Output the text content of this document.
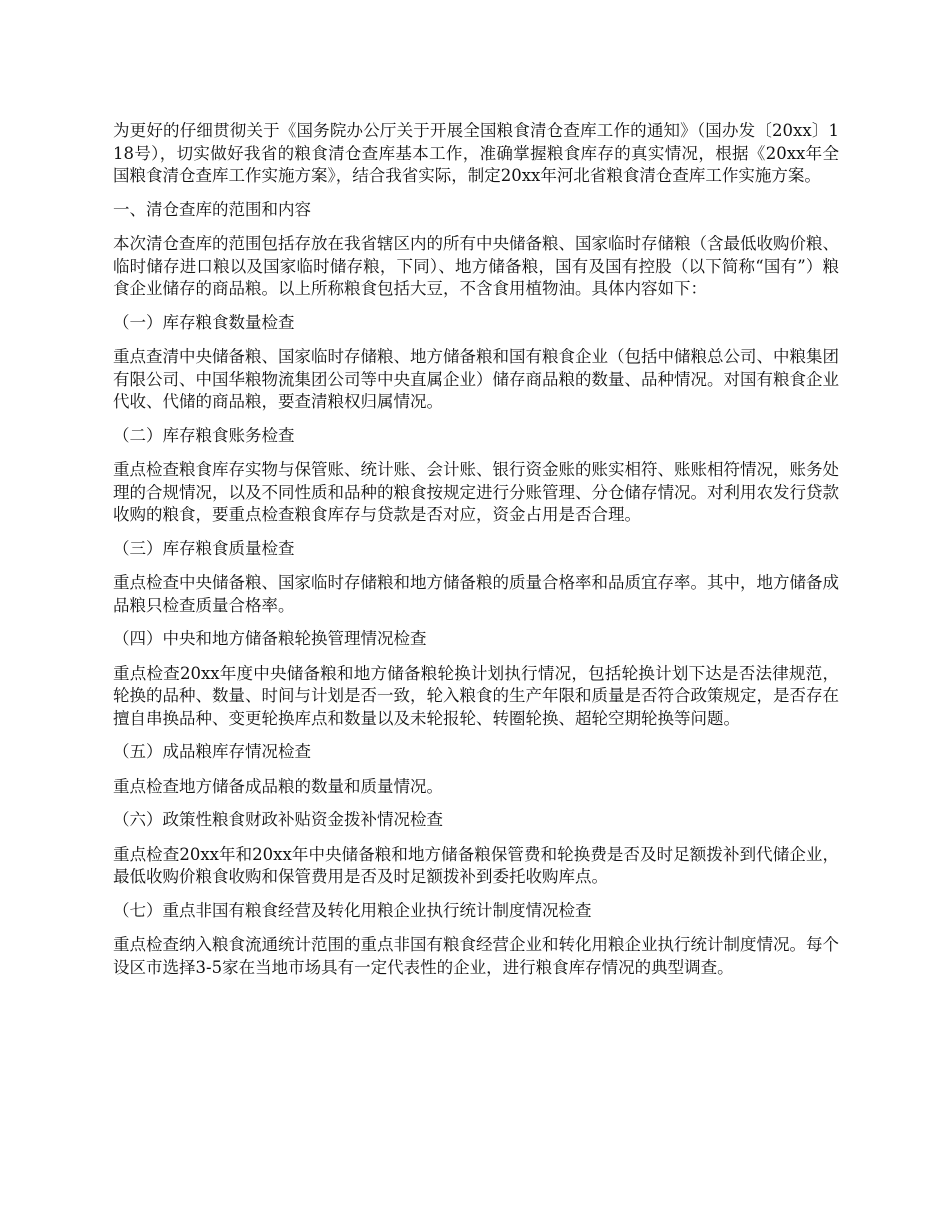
为更好的仔细贯彻关于《国务院办公厅关于开展全国粮食清仓查库工作的通知》（国办发〔20xx〕118号），切实做好我省的粮食清仓查库基本工作，准确掌握粮食库存的真实情况，根据《20xx年全国粮食清仓查库工作实施方案》，结合我省实际，制定20xx年河北省粮食清仓查库工作实施方案。

一、清仓查库的范围和内容

本次清仓查库的范围包括存放在我省辖区内的所有中央储备粮、国家临时存储粮（含最低收购价粮、临时储存进口粮以及国家临时储存粮，下同）、地方储备粮，国有及国有控股（以下简称“国有”）粮食企业储存的商品粮。以上所称粮食包括大豆，不含食用植物油。具体内容如下：

（一）库存粮食数量检查

重点查清中央储备粮、国家临时存储粮、地方储备粮和国有粮食企业（包括中储粮总公司、中粮集团有限公司、中国华粮物流集团公司等中央直属企业）储存商品粮的数量、品种情况。对国有粮食企业代收、代储的商品粮，要查清粮权归属情况。

（二）库存粮食账务检查

重点检查粮食库存实物与保管账、统计账、会计账、银行资金账的账实相符、账账相符情况，账务处理的合规情况，以及不同性质和品种的粮食按规定进行分账管理、分仓储存情况。对利用农发行贷款收购的粮食，要重点检查粮食库存与贷款是否对应，资金占用是否合理。

（三）库存粮食质量检查

重点检查中央储备粮、国家临时存储粮和地方储备粮的质量合格率和品质宜存率。其中，地方储备成品粮只检查质量合格率。

（四）中央和地方储备粮轮换管理情况检查

重点检查20xx年度中央储备粮和地方储备粮轮换计划执行情况，包括轮换计划下达是否法律规范，轮换的品种、数量、时间与计划是否一致，轮入粮食的生产年限和质量是否符合政策规定，是否存在擅自串换品种、变更轮换库点和数量以及未轮报轮、转圈轮换、超轮空期轮换等问题。

（五）成品粮库存情况检查

重点检查地方储备成品粮的数量和质量情况。

（六）政策性粮食财政补贴资金拨补情况检查

重点检查20xx年和20xx年中央储备粮和地方储备粮保管费和轮换费是否及时足额拨补到代储企业，最低收购价粮食收购和保管费用是否及时足额拨补到委托收购库点。

（七）重点非国有粮食经营及转化用粮企业执行统计制度情况检查

重点检查纳入粮食流通统计范围的重点非国有粮食经营企业和转化用粮企业执行统计制度情况。每个设区市选择3-5家在当地市场具有一定代表性的企业，进行粮食库存情况的典型调查。
